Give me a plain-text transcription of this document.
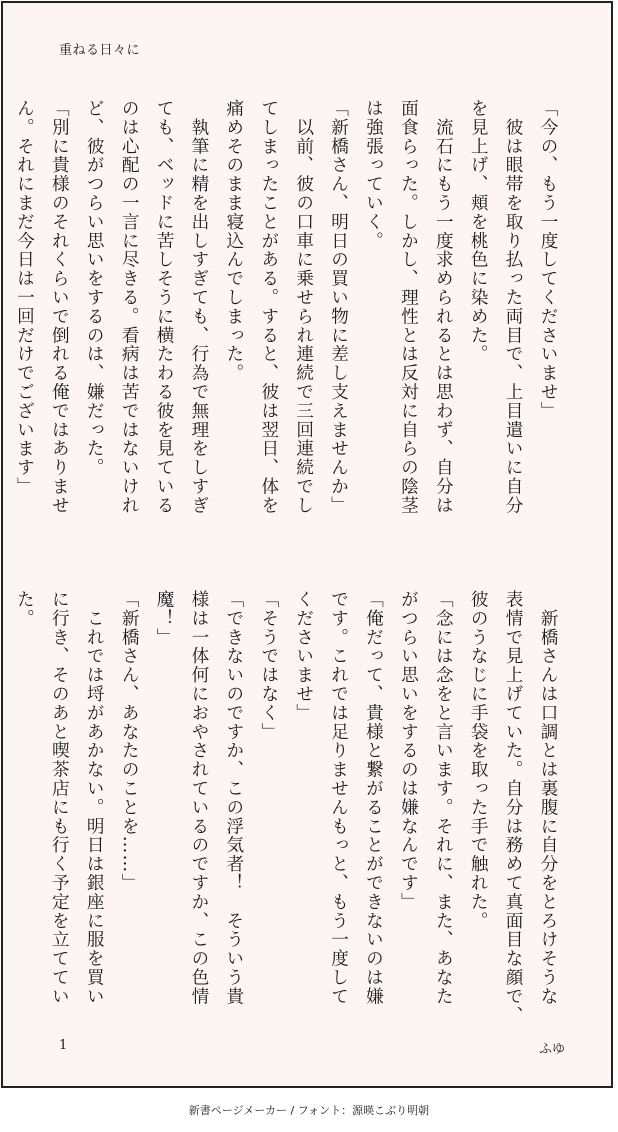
重ねる日々に
「今の、もう一度してくださいませ」
　彼は眼帯を取り払った両目で、上目遣いに自分
を見上げ、頬を桃色に染めた。
　流石にもう一度求められるとは思わず、自分は
面食らった。しかし、理性とは反対に自らの陰茎
は強張っていく。
「新橋さん、明日の買い物に差し支えませんか」
　以前、彼の口車に乗せられ連続で三回連続でし
てしまったことがある。すると、彼は翌日、体を
痛めそのまま寝込んでしまった。
　執筆に精を出しすぎても、行為で無理をしすぎ
ても、ベッドに苦しそうに横たわる彼を見ている
のは心配の一言に尽きる。看病は苦ではないけれ
ど、彼がつらい思いをするのは、嫌だった。
「別に貴様のそれくらいで倒れる俺ではありませ
ん。それにまだ今日は一回だけでございます」
　新橋さんは口調とは裏腹に自分をとろけそうな
表情で見上げていた。自分は務めて真面目な顔で、
彼のうなじに手袋を取った手で触れた。
「念には念をと言います。それに、また、あなた
がつらい思いをするのは嫌なんです」
「俺だって、貴様と繋がることができないのは嫌
です。これでは足りませんもっと、もう一度して
くださいませ」
「そうではなく」
「できないのですか、この浮気者！　そういう貴
様は一体何におやされているのですか、この色情
魔！」
「新橋さん、あなたのことを……」
　これでは埒があかない。明日は銀座に服を買い
に行き、そのあと喫茶店にも行く予定を立ててい
た。
1	ふゆ
新書ページメーカー / フォント：源暎こぶり明朝
